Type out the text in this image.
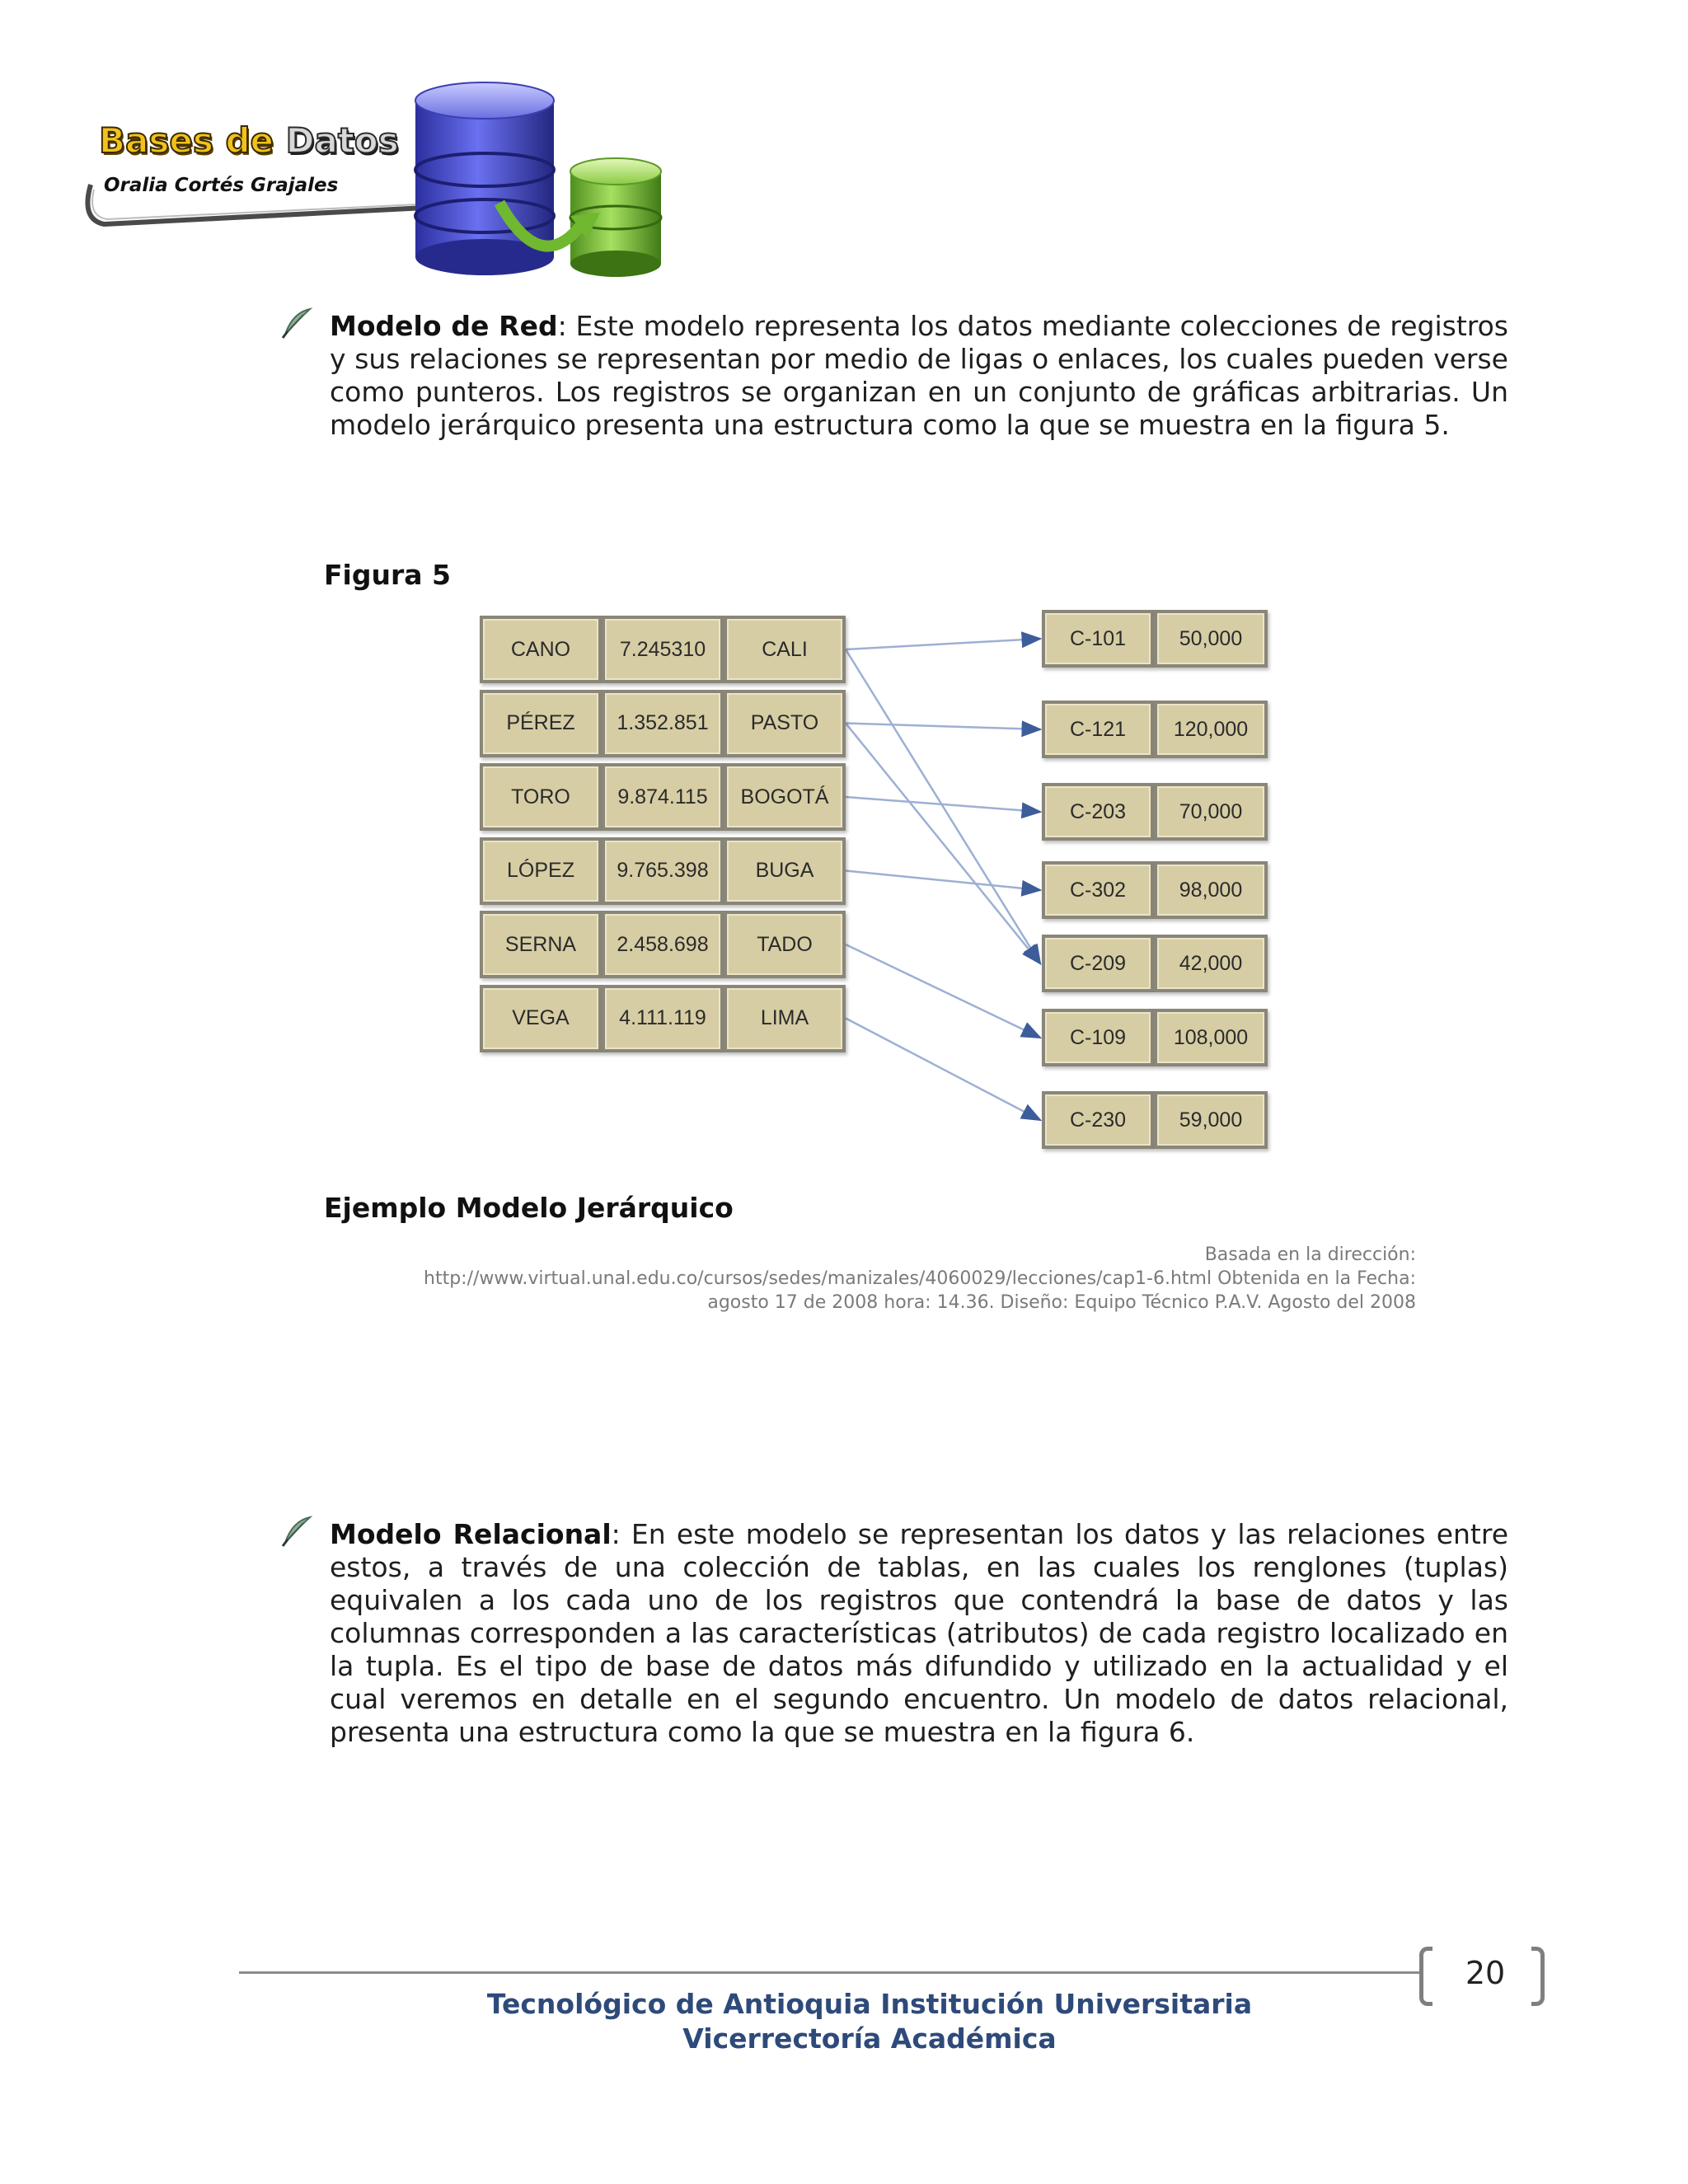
Bases de Datos
Oralia Cortés Grajales

Modelo de Red: Este modelo representa los datos mediante colecciones de registros y sus relaciones se representan por medio de ligas o enlaces, los cuales pueden verse como punteros. Los registros se organizan en un conjunto de gráficas arbitrarias. Un modelo jerárquico presenta una estructura como la que se muestra en la figura 5.

Figura 5
CANO	7.245310	CALI
PÉREZ	1.352.851	PASTO
TORO	9.874.115	BOGOTÁ
LÓPEZ	9.765.398	BUGA
SERNA	2.458.698	TADO
VEGA	4.111.119	LIMA
C-101	50,000
C-121	120,000
C-203	70,000
C-302	98,000
C-209	42,000
C-109	108,000
C-230	59,000
Ejemplo Modelo Jerárquico
Basada en la dirección:
http://www.virtual.unal.edu.co/cursos/sedes/manizales/4060029/lecciones/cap1-6.html Obtenida en la Fecha:
agosto 17 de 2008 hora: 14.36. Diseño: Equipo Técnico P.A.V. Agosto del 2008

Modelo Relacional: En este modelo se representan los datos y las relaciones entre estos, a través de una colección de tablas, en las cuales los renglones (tuplas) equivalen a los cada uno de los registros que contendrá la base de datos y las columnas corresponden a las características (atributos) de cada registro localizado en la tupla. Es el tipo de base de datos más difundido y utilizado en la actualidad y el cual veremos en detalle en el segundo encuentro. Un modelo de datos relacional, presenta una estructura como la que se muestra en la figura 6.

20
Tecnológico de Antioquia Institución Universitaria
Vicerrectoría Académica
